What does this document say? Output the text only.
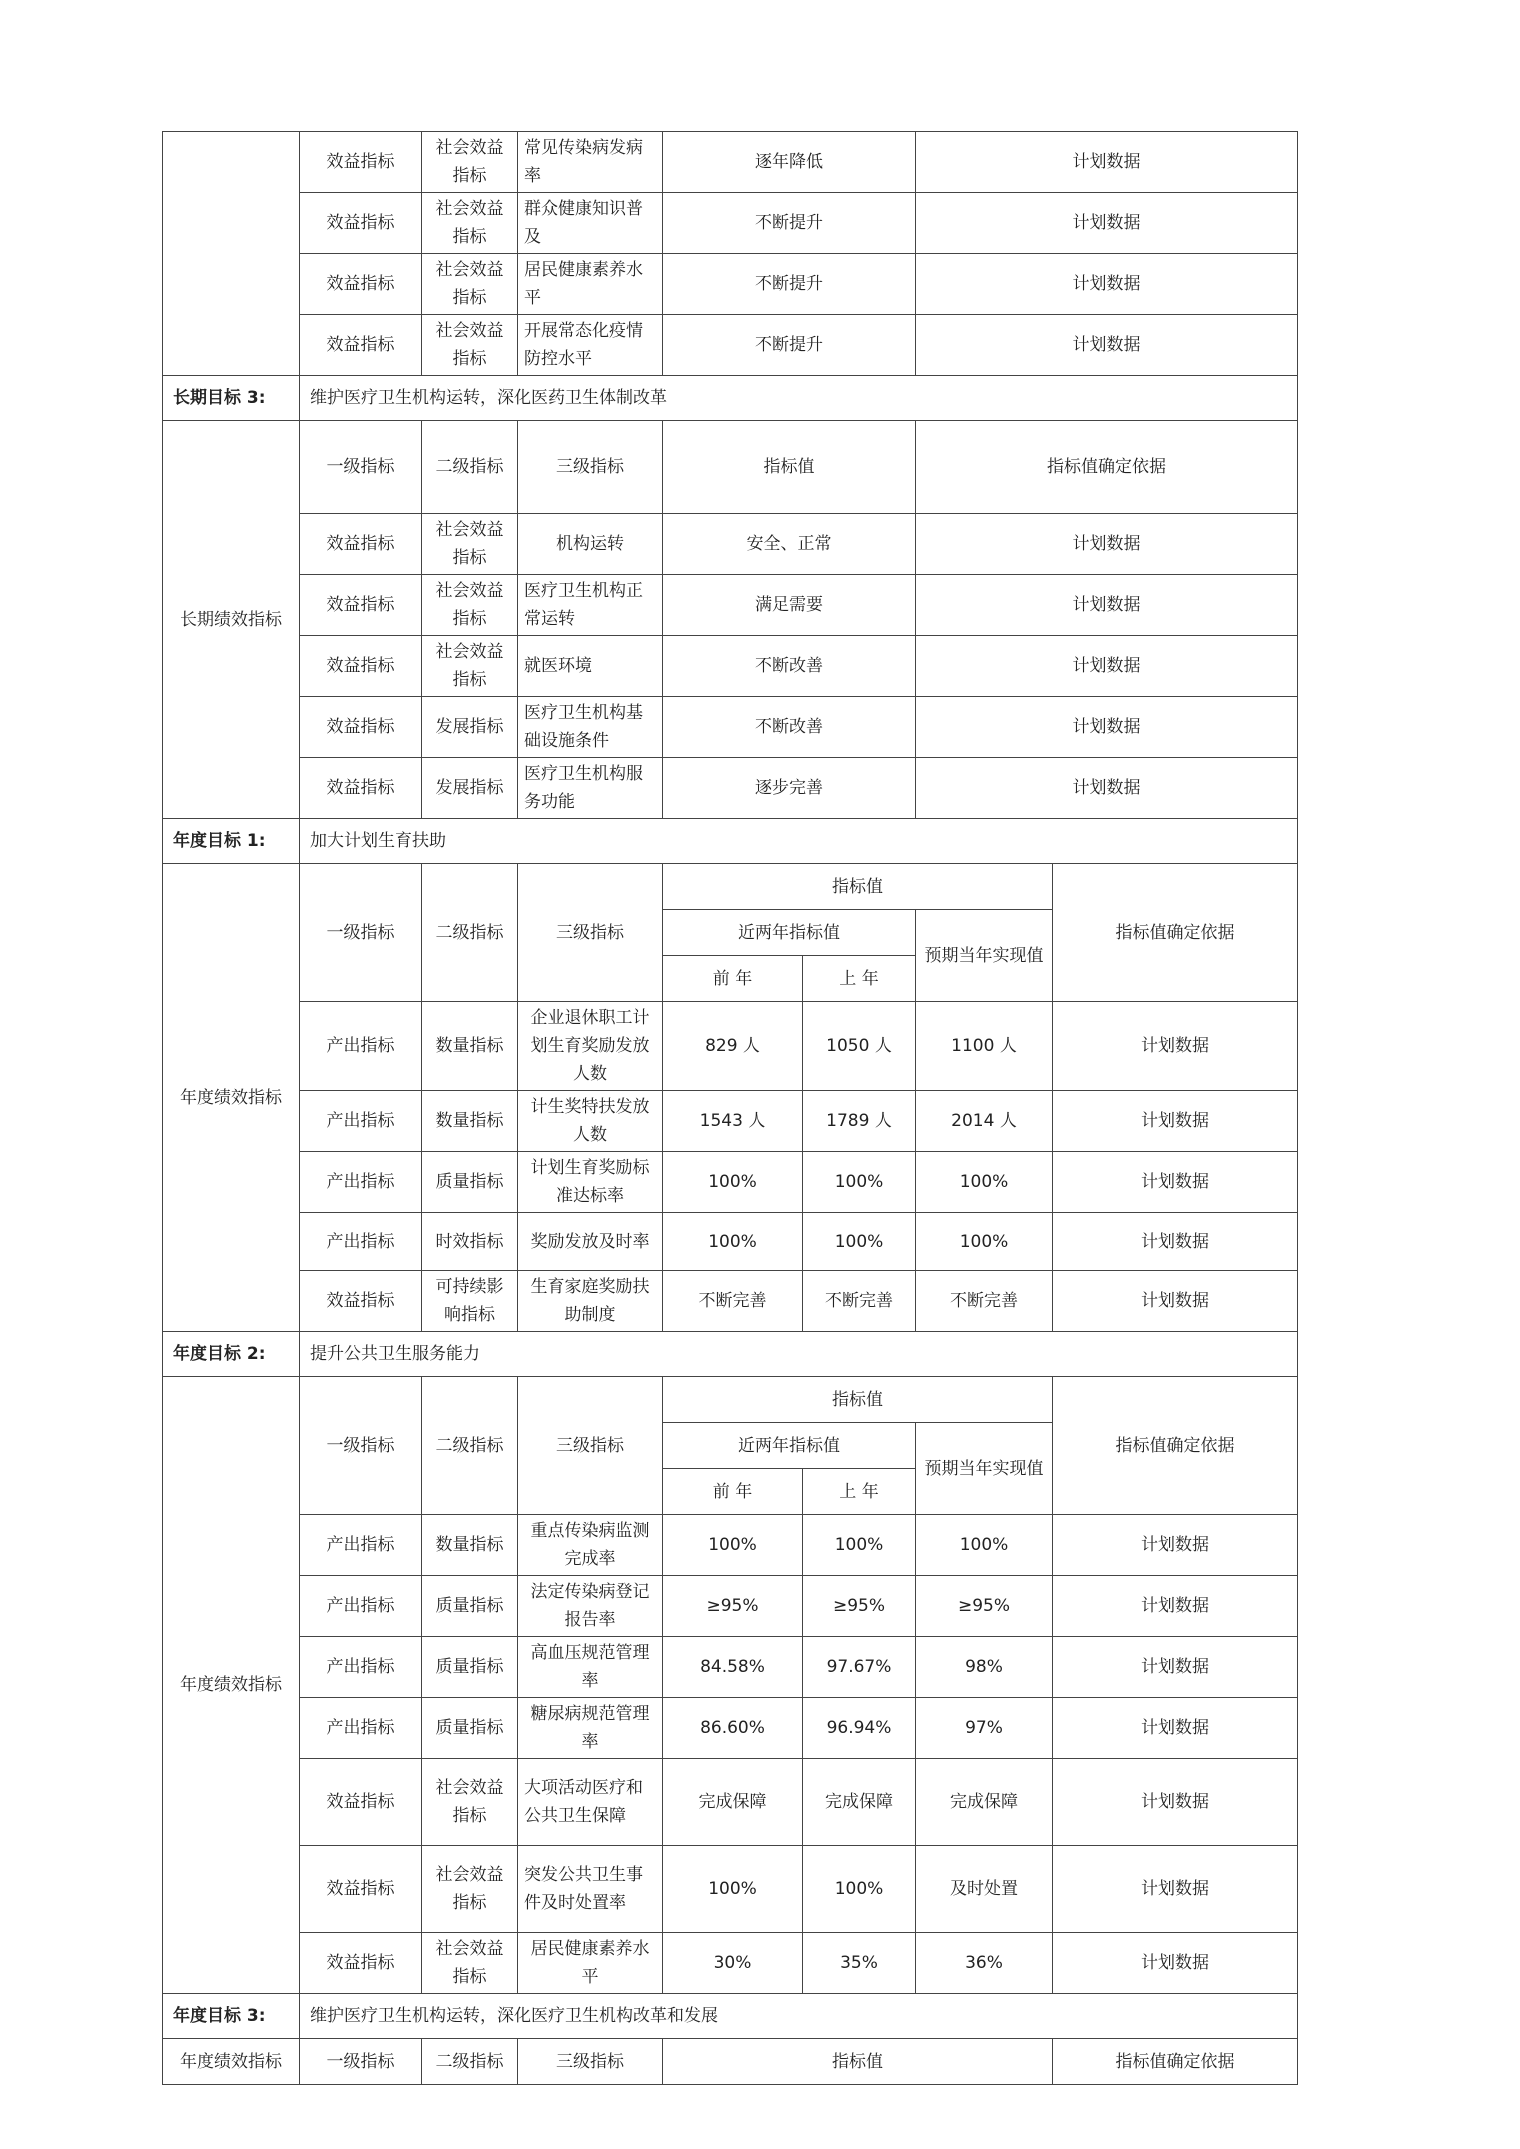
	效益指标	社会效益指标	常见传染病发病率	逐年降低		计划数据	
	效益指标	社会效益指标	群众健康知识普及	不断提升		计划数据	
	效益指标	社会效益指标	居民健康素养水平	不断提升		计划数据	
	效益指标	社会效益指标	开展常态化疫情防控水平	不断提升		计划数据	
长期目标 3:	维护医疗卫生机构运转，深化医药卫生体制改革						
长期绩效指标	一级指标	二级指标	三级指标	指标值		指标值确定依据	
	效益指标	社会效益指标	机构运转	安全、正常		计划数据	
	效益指标	社会效益指标	医疗卫生机构正常运转	满足需要		计划数据	
	效益指标	社会效益指标	就医环境	不断改善		计划数据	
	效益指标	发展指标	医疗卫生机构基础设施条件	不断改善		计划数据	
	效益指标	发展指标	医疗卫生机构服务功能	逐步完善		计划数据	
年度目标 1:	加大计划生育扶助						
年度绩效指标	一级指标	二级指标	三级指标	指标值			指标值确定依据
				近两年指标值		预期当年实现值	
				前 年	上 年		
	产出指标	数量指标	企业退休职工计划生育奖励发放人数	829 人	1050 人	1100 人	计划数据
	产出指标	数量指标	计生奖特扶发放人数	1543 人	1789 人	2014 人	计划数据
	产出指标	质量指标	计划生育奖励标准达标率	100%	100%	100%	计划数据
	产出指标	时效指标	奖励发放及时率	100%	100%	100%	计划数据
	效益指标	可持续影响指标	生育家庭奖励扶助制度	不断完善	不断完善	不断完善	计划数据
年度目标 2:	提升公共卫生服务能力						
年度绩效指标	一级指标	二级指标	三级指标	指标值			指标值确定依据
				近两年指标值		预期当年实现值	
				前 年	上 年		
	产出指标	数量指标	重点传染病监测完成率	100%	100%	100%	计划数据
	产出指标	质量指标	法定传染病登记报告率	≥95%	≥95%	≥95%	计划数据
	产出指标	质量指标	高血压规范管理率	84.58%	97.67%	98%	计划数据
	产出指标	质量指标	糖尿病规范管理率	86.60%	96.94%	97%	计划数据
	效益指标	社会效益指标	大项活动医疗和公共卫生保障	完成保障	完成保障	完成保障	计划数据
	效益指标	社会效益指标	突发公共卫生事件及时处置率	100%	100%	及时处置	计划数据
	效益指标	社会效益指标	居民健康素养水平	30%	35%	36%	计划数据
年度目标 3:	维护医疗卫生机构运转，深化医疗卫生机构改革和发展						
年度绩效指标	一级指标	二级指标	三级指标	指标值			指标值确定依据
